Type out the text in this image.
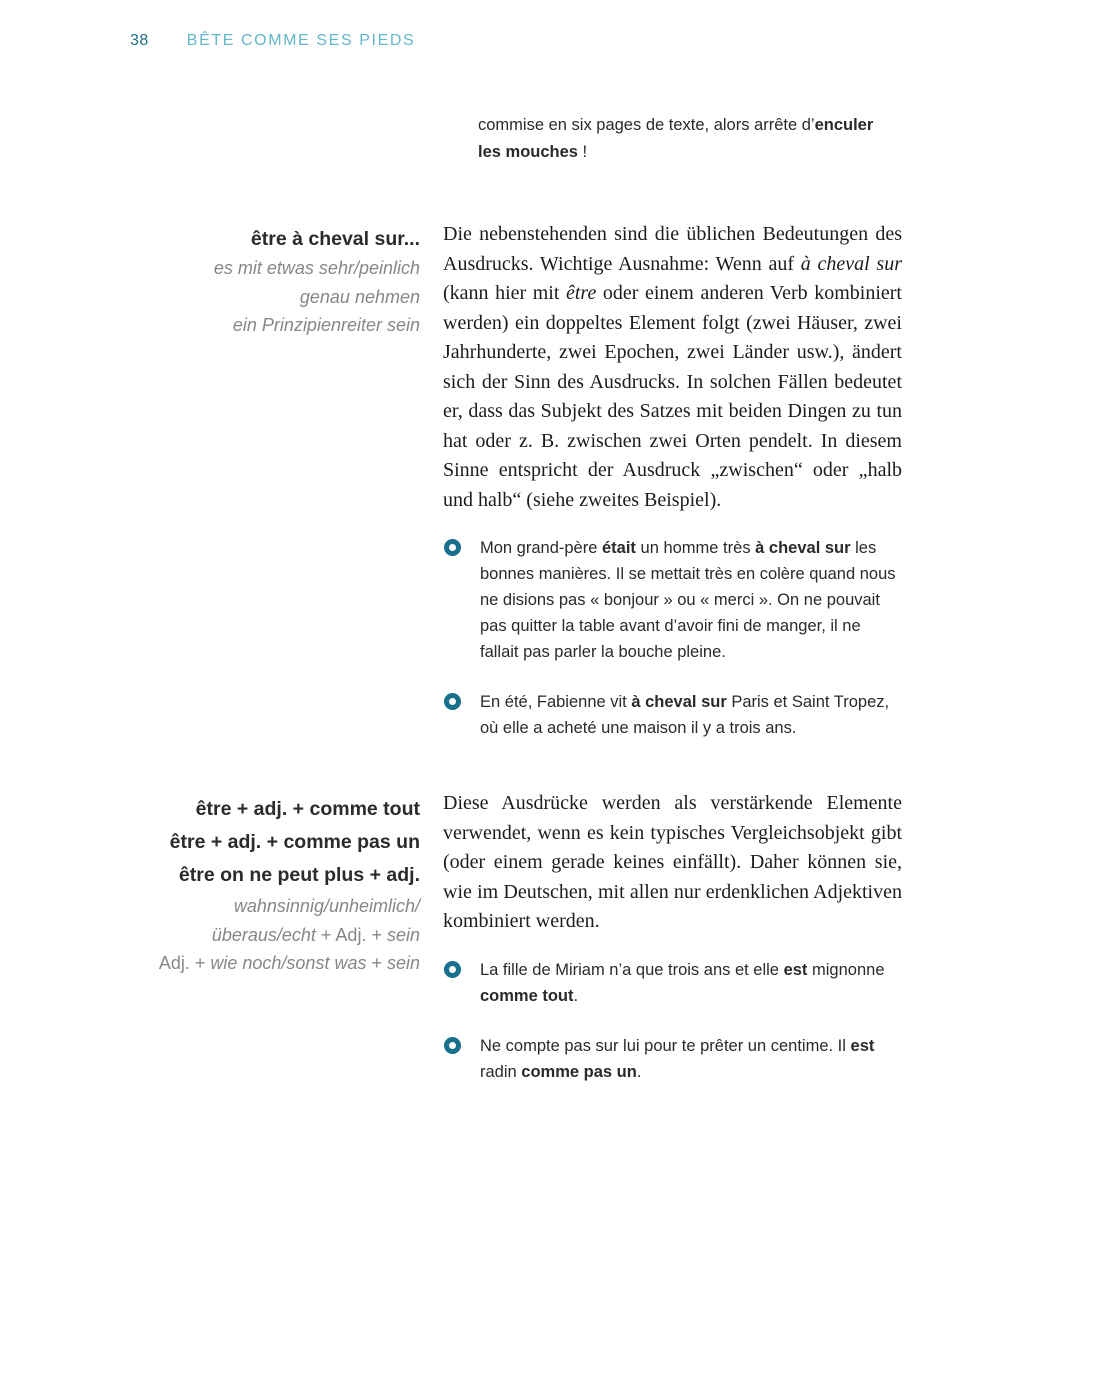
38 BÊTE COMME SES PIEDS

commise en six pages de texte, alors arrête d’enculer les mouches !

être à cheval sur...
es mit etwas sehr/peinlich
genau nehmen
ein Prinzipienreiter sein

Die nebenstehenden sind die üblichen Bedeutungen des Ausdrucks. Wichtige Ausnahme: Wenn auf à cheval sur (kann hier mit être oder einem anderen Verb kombiniert werden) ein doppeltes Element folgt (zwei Häuser, zwei Jahrhunderte, zwei Epochen, zwei Länder usw.), ändert sich der Sinn des Ausdrucks. In solchen Fällen bedeutet er, dass das Subjekt des Satzes mit beiden Dingen zu tun hat oder z. B. zwischen zwei Orten pendelt. In diesem Sinne entspricht der Ausdruck „zwischen“ oder „halb und halb“ (siehe zweites Beispiel).

Mon grand-père était un homme très à cheval sur les bonnes manières. Il se mettait très en colère quand nous ne disions pas « bonjour » ou « merci ». On ne pouvait pas quitter la table avant d’avoir fini de manger, il ne fallait pas parler la bouche pleine.

En été, Fabienne vit à cheval sur Paris et Saint Tropez, où elle a acheté une maison il y a trois ans.

être + adj. + comme tout
être + adj. + comme pas un
être on ne peut plus + adj.
wahnsinnig/unheimlich/
überaus/echt + Adj. + sein
Adj. + wie noch/sonst was + sein

Diese Ausdrücke werden als verstärkende Elemente verwendet, wenn es kein typisches Vergleichsobjekt gibt (oder einem gerade keines einfällt). Daher können sie, wie im Deutschen, mit allen nur erdenklichen Adjektiven kombiniert werden.

La fille de Miriam n’a que trois ans et elle est mignonne comme tout.

Ne compte pas sur lui pour te prêter un centime. Il est radin comme pas un.
